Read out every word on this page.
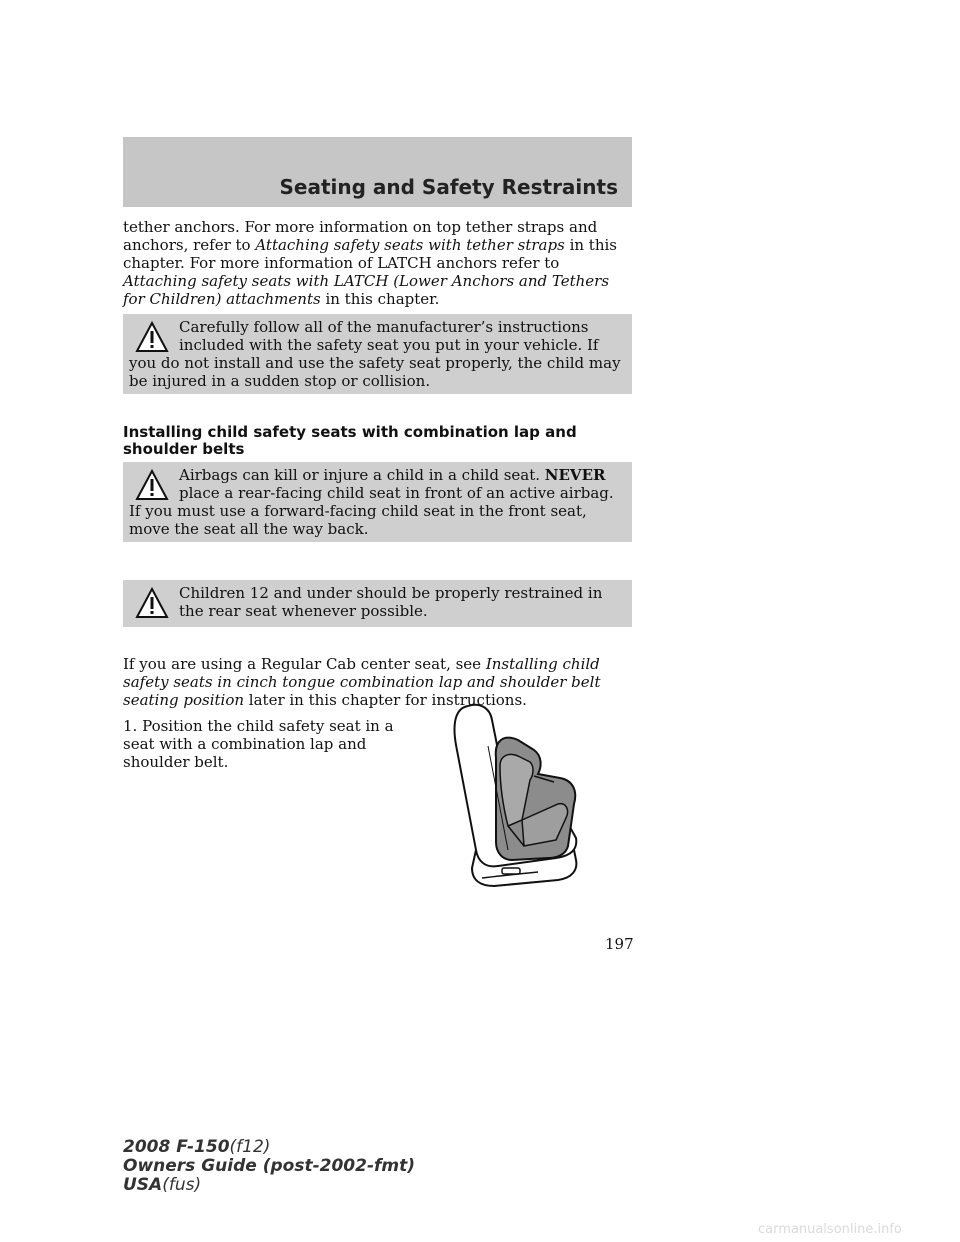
Seating and Safety Restraints
tether anchors. For more information on top tether straps and anchors, refer to Attaching safety seats with tether straps in this chapter. For more information of LATCH anchors refer to Attaching safety seats with LATCH (Lower Anchors and Tethers for Children) attachments in this chapter.
Carefully follow all of the manufacturer’s instructions included with the safety seat you put in your vehicle. If you do not install and use the safety seat properly, the child may be injured in a sudden stop or collision.
Installing child safety seats with combination lap and shoulder belts
Airbags can kill or injure a child in a child seat. NEVER place a rear-facing child seat in front of an active airbag. If you must use a forward-facing child seat in the front seat, move the seat all the way back.
Children 12 and under should be properly restrained in the rear seat whenever possible.
If you are using a Regular Cab center seat, see Installing child safety seats in cinch tongue combination lap and shoulder belt seating position later in this chapter for instructions.
1. Position the child safety seat in a seat with a combination lap and shoulder belt.
197
2008 F-150(f12)
Owners Guide (post-2002-fmt)
USA(fus)
carmanualsonline.info
